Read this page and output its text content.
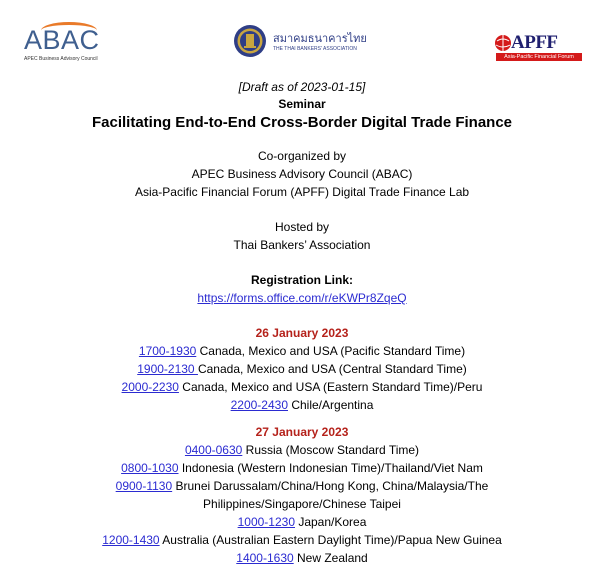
ABAC
APEC Business Advisory Council
สมาคมธนาคารไทย
THE THAI BANKERS' ASSOCIATION	APFF
Asia-Pacific Financial Forum
[Draft as of 2023-01-15]
Seminar
Facilitating End-to-End Cross-Border Digital Trade Finance
Co-organized by
APEC Business Advisory Council (ABAC)
Asia-Pacific Financial Forum (APFF) Digital Trade Finance Lab
Hosted by
Thai Bankers’ Association
Registration Link:
https://forms.office.com/r/eKWPr8ZqeQ
26 January 2023
1700-1930 Canada, Mexico and USA (Pacific Standard Time)
1900-2130 Canada, Mexico and USA (Central Standard Time)
2000-2230 Canada, Mexico and USA (Eastern Standard Time)/Peru
2200-2430 Chile/Argentina
27 January 2023
0400-0630 Russia (Moscow Standard Time)
0800-1030 Indonesia (Western Indonesian Time)/Thailand/Viet Nam
0900-1130 Brunei Darussalam/China/Hong Kong, China/Malaysia/The
Philippines/Singapore/Chinese Taipei
1000-1230 Japan/Korea
1200-1430 Australia (Australian Eastern Daylight Time)/Papua New Guinea
1400-1630 New Zealand
